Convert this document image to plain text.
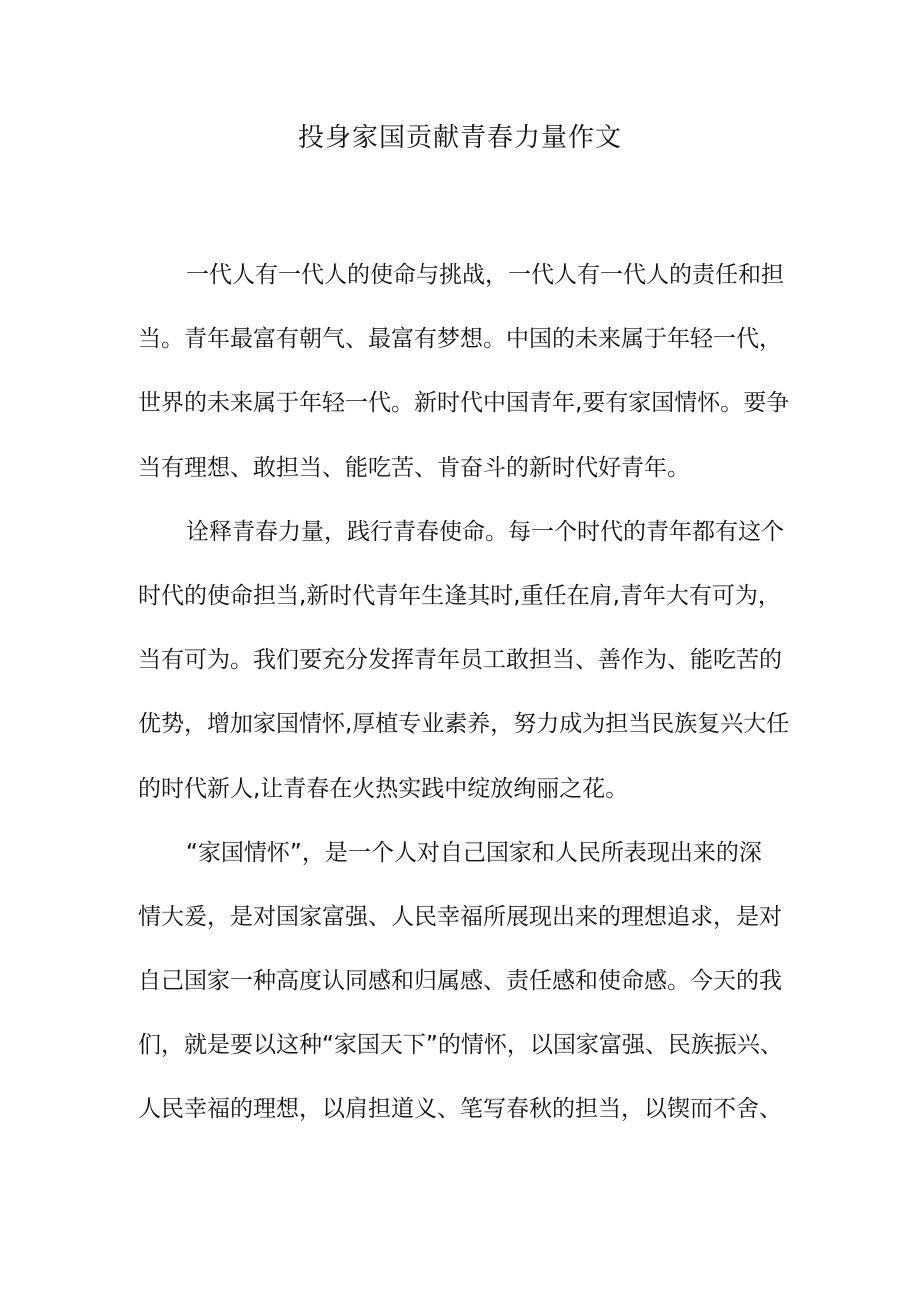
投身家国贡献青春力量作文
一代人有一代人的使命与挑战，一代人有一代人的责任和担
当。青年最富有朝气、最富有梦想。中国的未来属于年轻一代，
世界的未来属于年轻一代。新时代中国青年,要有家国情怀。要争
当有理想、敢担当、能吃苦、肯奋斗的新时代好青年。
诠释青春力量，践行青春使命。每一个时代的青年都有这个
时代的使命担当,新时代青年生逢其时,重任在肩,青年大有可为，
当有可为。我们要充分发挥青年员工敢担当、善作为、能吃苦的
优势，增加家国情怀,厚植专业素养，努力成为担当民族复兴大任
的时代新人,让青春在火热实践中绽放绚丽之花。
“家国情怀”，是一个人对自己国家和人民所表现出来的深
情大爰，是对国家富强、人民幸福所展现出来的理想追求，是对
自己国家一种高度认同感和归属感、责任感和使命感。今天的我
们，就是要以这种“家国天下”的情怀，以国家富强、民族振兴、
人民幸福的理想，以肩担道义、笔写春秋的担当，以锲而不舍、
